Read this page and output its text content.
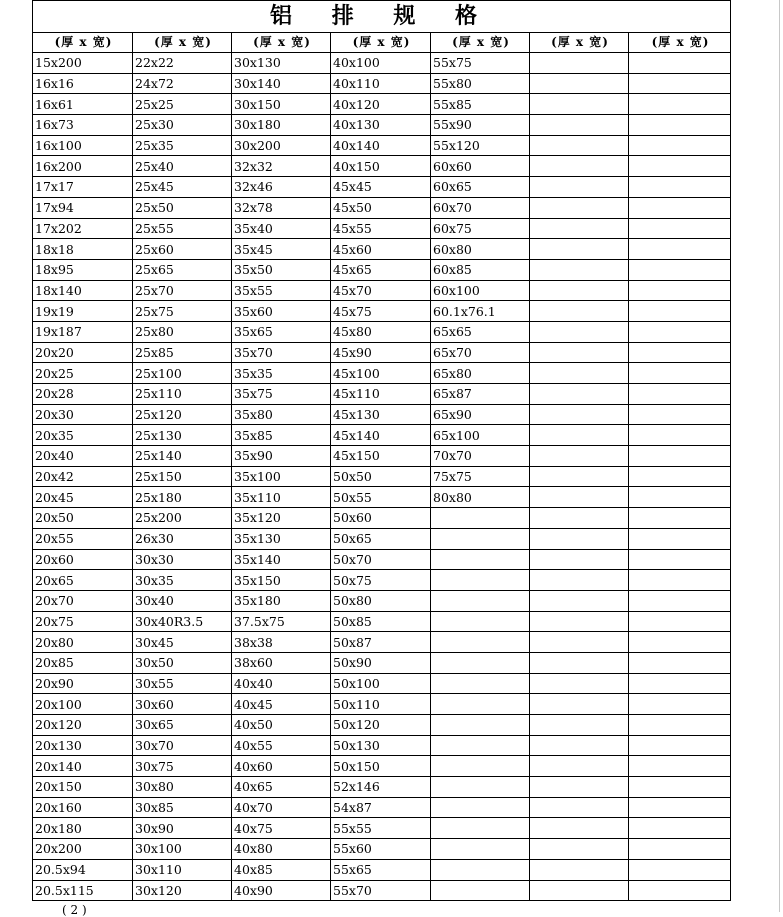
铝 排 规 格						
(厚 x 宽)	(厚 x 宽)	(厚 x 宽)	(厚 x 宽)	(厚 x 宽)	(厚 x 宽)	(厚 x 宽)
15x200	22x22	30x130	40x100	55x75		
16x16	24x72	30x140	40x110	55x80		
16x61	25x25	30x150	40x120	55x85		
16x73	25x30	30x180	40x130	55x90		
16x100	25x35	30x200	40x140	55x120		
16x200	25x40	32x32	40x150	60x60		
17x17	25x45	32x46	45x45	60x65		
17x94	25x50	32x78	45x50	60x70		
17x202	25x55	35x40	45x55	60x75		
18x18	25x60	35x45	45x60	60x80		
18x95	25x65	35x50	45x65	60x85		
18x140	25x70	35x55	45x70	60x100		
19x19	25x75	35x60	45x75	60.1x76.1		
19x187	25x80	35x65	45x80	65x65		
20x20	25x85	35x70	45x90	65x70		
20x25	25x100	35x35	45x100	65x80		
20x28	25x110	35x75	45x110	65x87		
20x30	25x120	35x80	45x130	65x90		
20x35	25x130	35x85	45x140	65x100		
20x40	25x140	35x90	45x150	70x70		
20x42	25x150	35x100	50x50	75x75		
20x45	25x180	35x110	50x55	80x80		
20x50	25x200	35x120	50x60			
20x55	26x30	35x130	50x65			
20x60	30x30	35x140	50x70			
20x65	30x35	35x150	50x75			
20x70	30x40	35x180	50x80			
20x75	30x40R3.5	37.5x75	50x85			
20x80	30x45	38x38	50x87			
20x85	30x50	38x60	50x90			
20x90	30x55	40x40	50x100			
20x100	30x60	40x45	50x110			
20x120	30x65	40x50	50x120			
20x130	30x70	40x55	50x130			
20x140	30x75	40x60	50x150			
20x150	30x80	40x65	52x146			
20x160	30x85	40x70	54x87			
20x180	30x90	40x75	55x55			
20x200	30x100	40x80	55x60			
20.5x94	30x110	40x85	55x65			
20.5x115	30x120	40x90	55x70			
( 2 )
